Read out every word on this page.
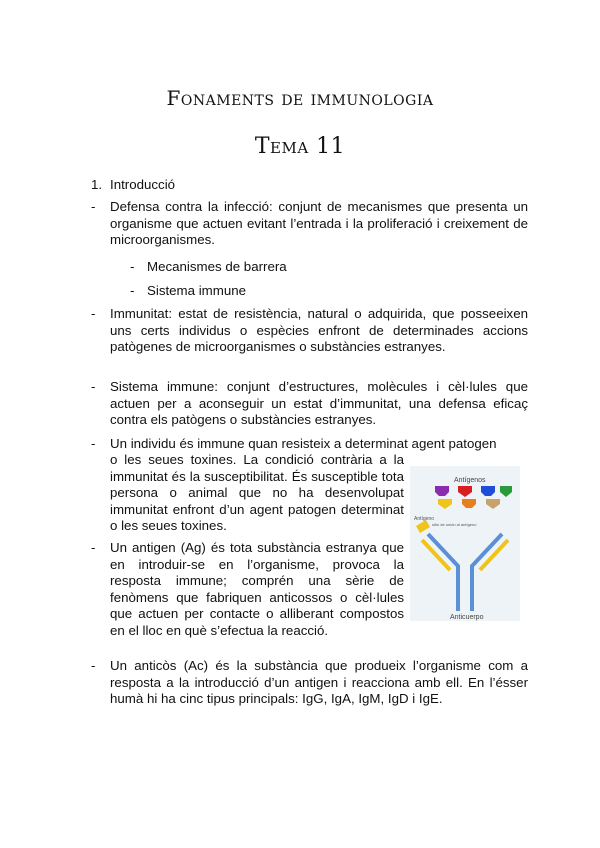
Fonaments de immunologia
Tema 11
1. Introducció
- Defensa contra la infecció: conjunt de mecanismes que presenta un organisme que actuen evitant l’entrada i la proliferació i creixement de microorganismes.
- Mecanismes de barrera
- Sistema immune
- Immunitat: estat de resistència, natural o adquirida, que posseeixen uns certs individus o espècies enfront de determinades accions patògenes de microorganismes o substàncies estranyes.
- Sistema immune: conjunt d’estructures, molècules i cèl·lules que actuen per a aconseguir un estat d’immunitat, una defensa eficaç contra els patògens o substàncies estranyes.
- Un individu és immune quan resisteix a determinat agent patogen
o les seues toxines. La condició contrària a la immunitat és la susceptibilitat. És susceptible tota persona o animal que no ha desenvolupat immunitat enfront d’un agent patogen determinat o les seues toxines.
- Un antigen (Ag) és tota substància estranya que en introduir-se en l’organisme, provoca la resposta immune; comprén una sèrie de fenòmens que fabriquen anticossos o cèl·lules que actuen per contacte o alliberant compostos en el lloc en què s’efectua la reacció.
- Un anticòs (Ac) és la substància que produeix l’organisme com a resposta a la introducció d’un antigen i reacciona amb ell. En l’ésser humà hi ha cinc tipus principals: IgG, IgA, IgM, IgD i IgE.
Antígenos
Antígeno
sitio de unión al antígeno
Anticuerpo
